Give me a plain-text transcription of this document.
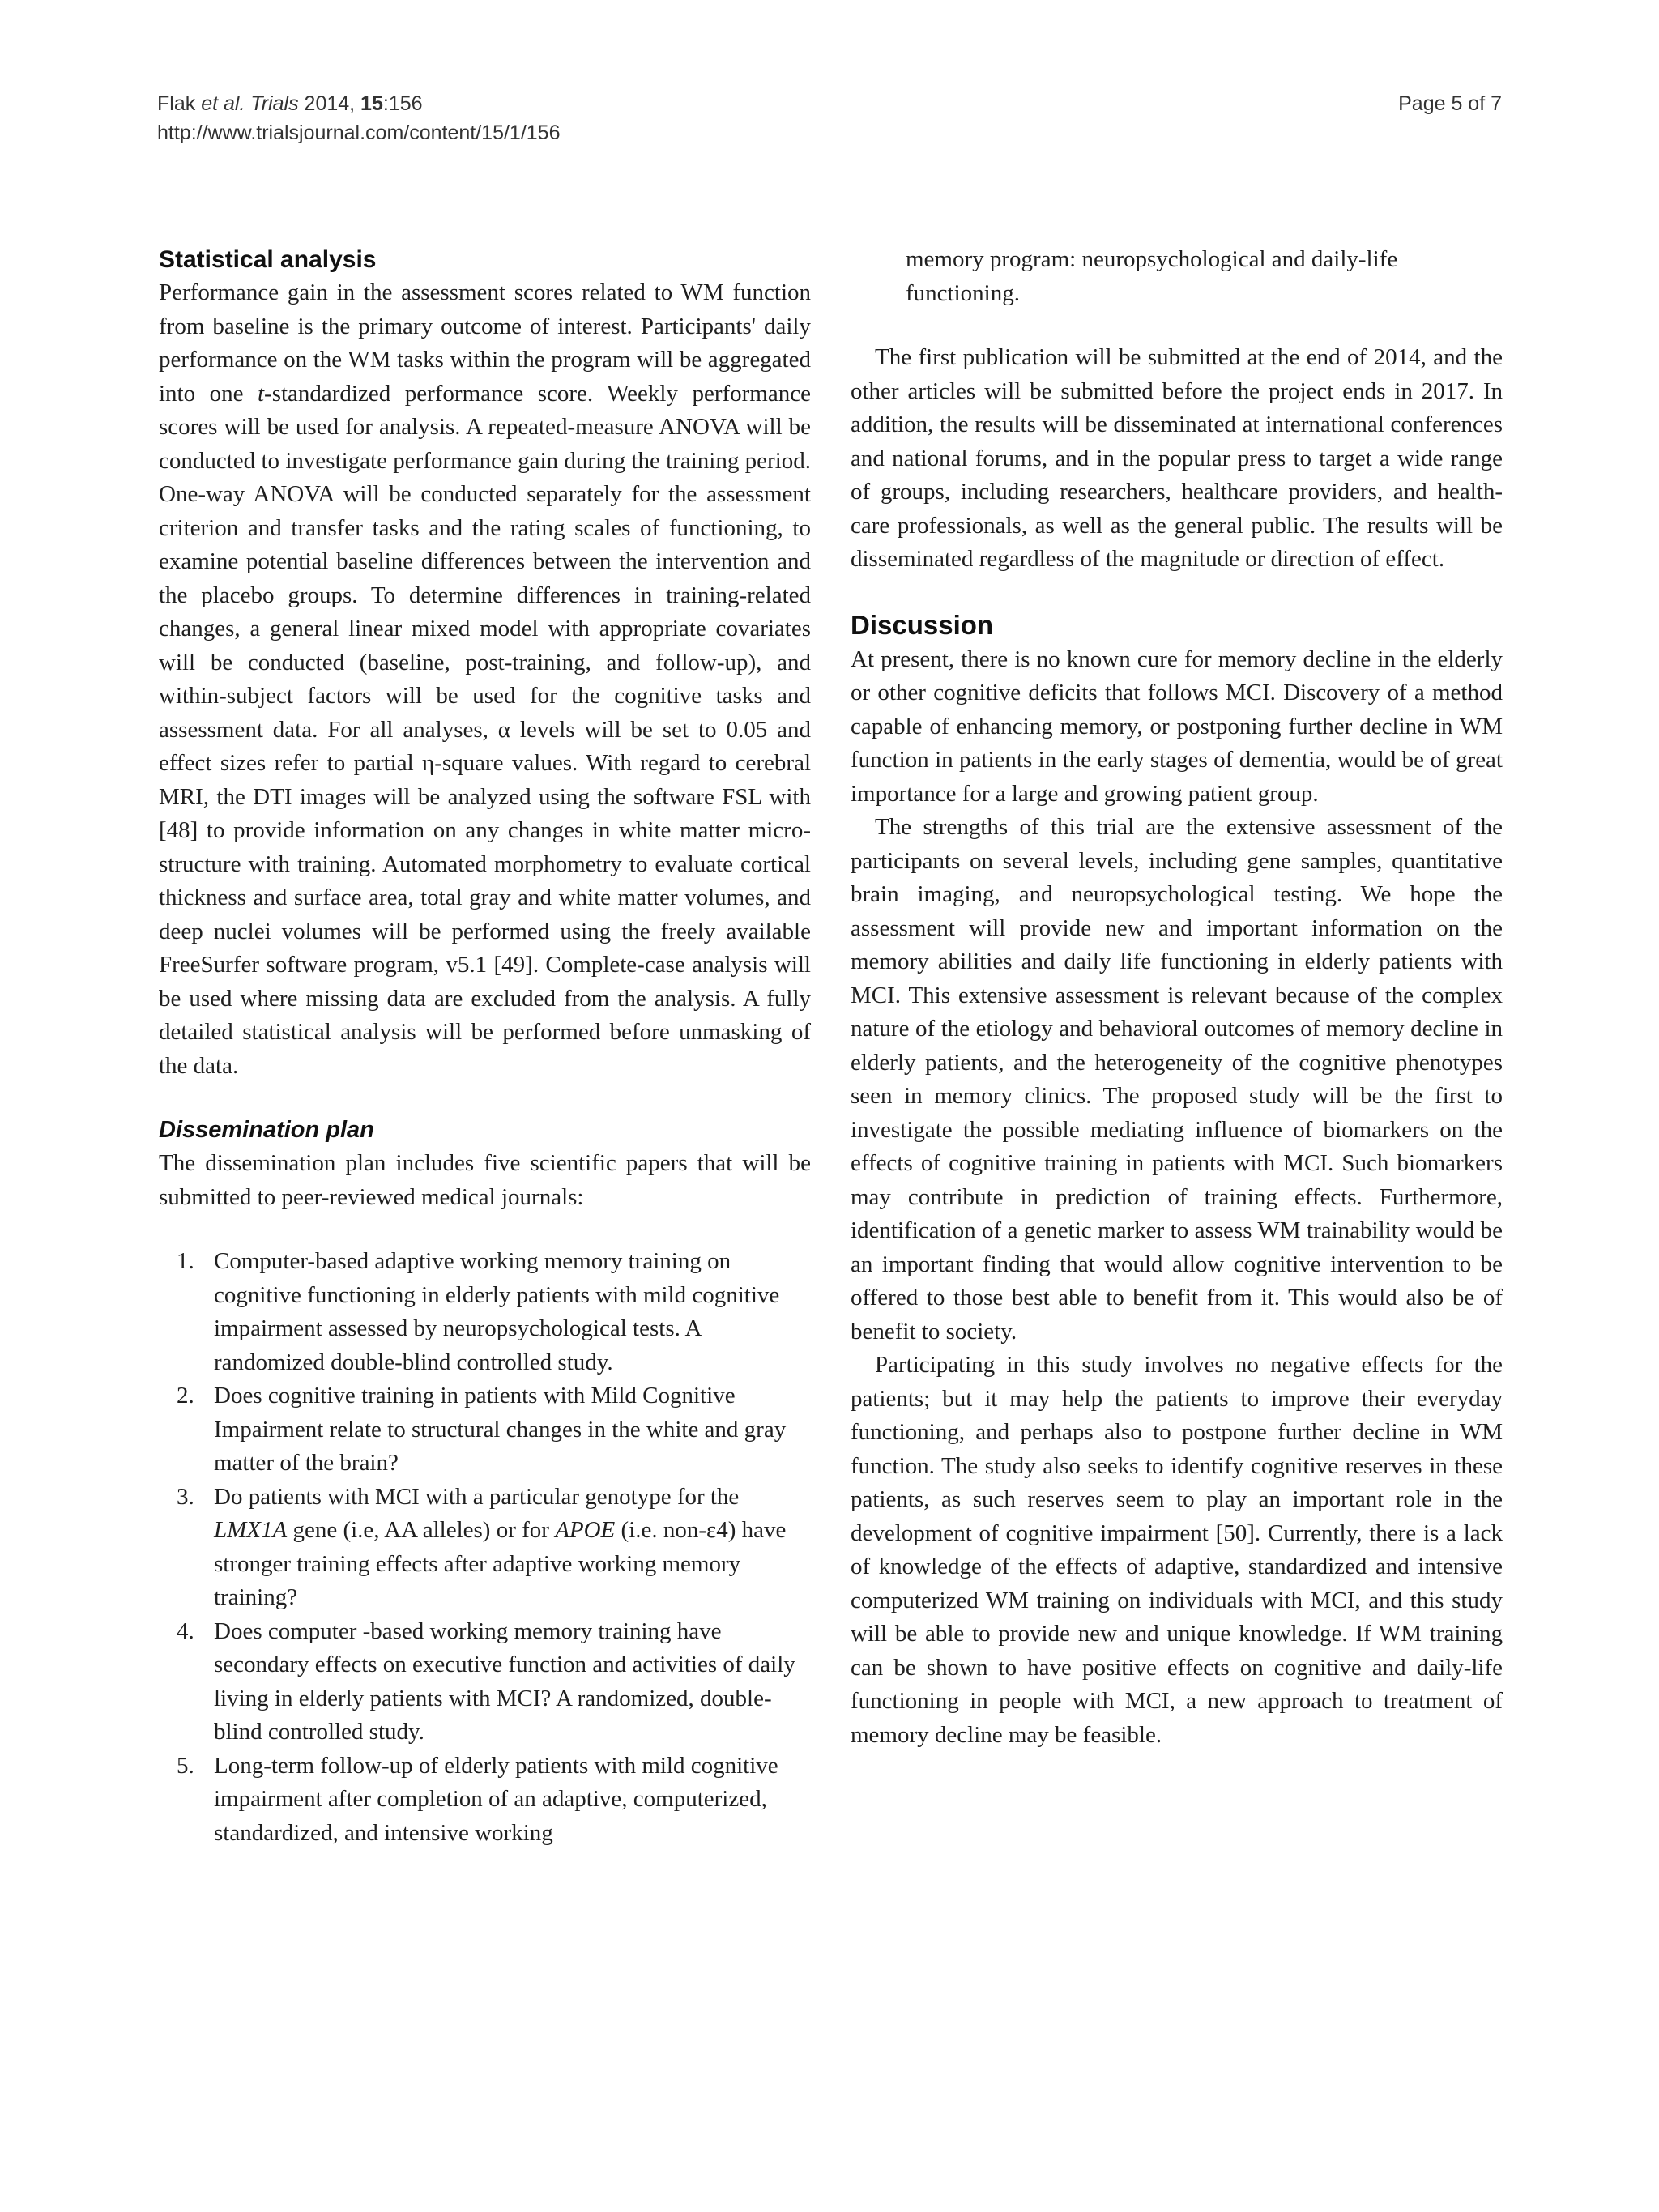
Flak et al. Trials 2014, 15:156
http://www.trialsjournal.com/content/15/1/156
Page 5 of 7
Statistical analysis

Performance gain in the assessment scores related to WM function from baseline is the primary outcome of interest. Participants' daily performance on the WM tasks within the program will be aggregated into one t-standardized performance score. Weekly performance scores will be used for analysis. A repeated-measure ANOVA will be conducted to investigate performance gain during the training period. One-way ANOVA will be conducted separately for the assessment criterion and transfer tasks and the rating scales of functioning, to examine potential baseline differences between the intervention and the placebo groups. To determine differences in training-related changes, a general linear mixed model with appropriate covariates will be conducted (baseline, post-training, and follow-up), and within-subject factors will be used for the cognitive tasks and assessment data. For all analyses, α levels will be set to 0.05 and effect sizes refer to partial η-square values. With regard to cerebral MRI, the DTI images will be analyzed using the software FSL with [48] to provide information on any changes in white matter microstructure with training. Automated morphometry to evaluate cortical thickness and surface area, total gray and white matter volumes, and deep nuclei volumes will be performed using the freely available FreeSurfer software program, v5.1 [49]. Complete-case analysis will be used where missing data are excluded from the analysis. A fully detailed statistical analysis will be performed before unmasking of the data.

Dissemination plan

The dissemination plan includes five scientific papers that will be submitted to peer-reviewed medical journals:

1. Computer-based adaptive working memory training on cognitive functioning in elderly patients with mild cognitive impairment assessed by neuropsychological tests. A randomized double-blind controlled study.
2. Does cognitive training in patients with Mild Cognitive Impairment relate to structural changes in the white and gray matter of the brain?
3. Do patients with MCI with a particular genotype for the LMX1A gene (i.e, AA alleles) or for APOE (i.e. non-ε4) have stronger training effects after adaptive working memory training?
4. Does computer -based working memory training have secondary effects on executive function and activities of daily living in elderly patients with MCI? A randomized, double-blind controlled study.
5. Long-term follow-up of elderly patients with mild cognitive impairment after completion of an adaptive, computerized, standardized, and intensive working
memory program: neuropsychological and daily-life functioning.

The first publication will be submitted at the end of 2014, and the other articles will be submitted before the project ends in 2017. In addition, the results will be disseminated at international conferences and national forums, and in the popular press to target a wide range of groups, including researchers, healthcare providers, and health-care professionals, as well as the general public. The results will be disseminated regardless of the magnitude or direction of effect.

Discussion

At present, there is no known cure for memory decline in the elderly or other cognitive deficits that follows MCI. Discovery of a method capable of enhancing memory, or postponing further decline in WM function in patients in the early stages of dementia, would be of great importance for a large and growing patient group.

The strengths of this trial are the extensive assessment of the participants on several levels, including gene samples, quantitative brain imaging, and neuropsychological testing. We hope the assessment will provide new and important information on the memory abilities and daily life functioning in elderly patients with MCI. This extensive assessment is relevant because of the complex nature of the etiology and behavioral outcomes of memory decline in elderly patients, and the heterogeneity of the cognitive phenotypes seen in memory clinics. The proposed study will be the first to investigate the possible mediating influence of biomarkers on the effects of cognitive training in patients with MCI. Such biomarkers may contribute in prediction of training effects. Furthermore, identification of a genetic marker to assess WM trainability would be an important finding that would allow cognitive intervention to be offered to those best able to benefit from it. This would also be of benefit to society.

Participating in this study involves no negative effects for the patients; but it may help the patients to improve their everyday functioning, and perhaps also to postpone further decline in WM function. The study also seeks to identify cognitive reserves in these patients, as such reserves seem to play an important role in the development of cognitive impairment [50]. Currently, there is a lack of knowledge of the effects of adaptive, standardized and intensive computerized WM training on individuals with MCI, and this study will be able to provide new and unique knowledge. If WM training can be shown to have positive effects on cognitive and daily-life functioning in people with MCI, a new approach to treatment of memory decline may be feasible.
